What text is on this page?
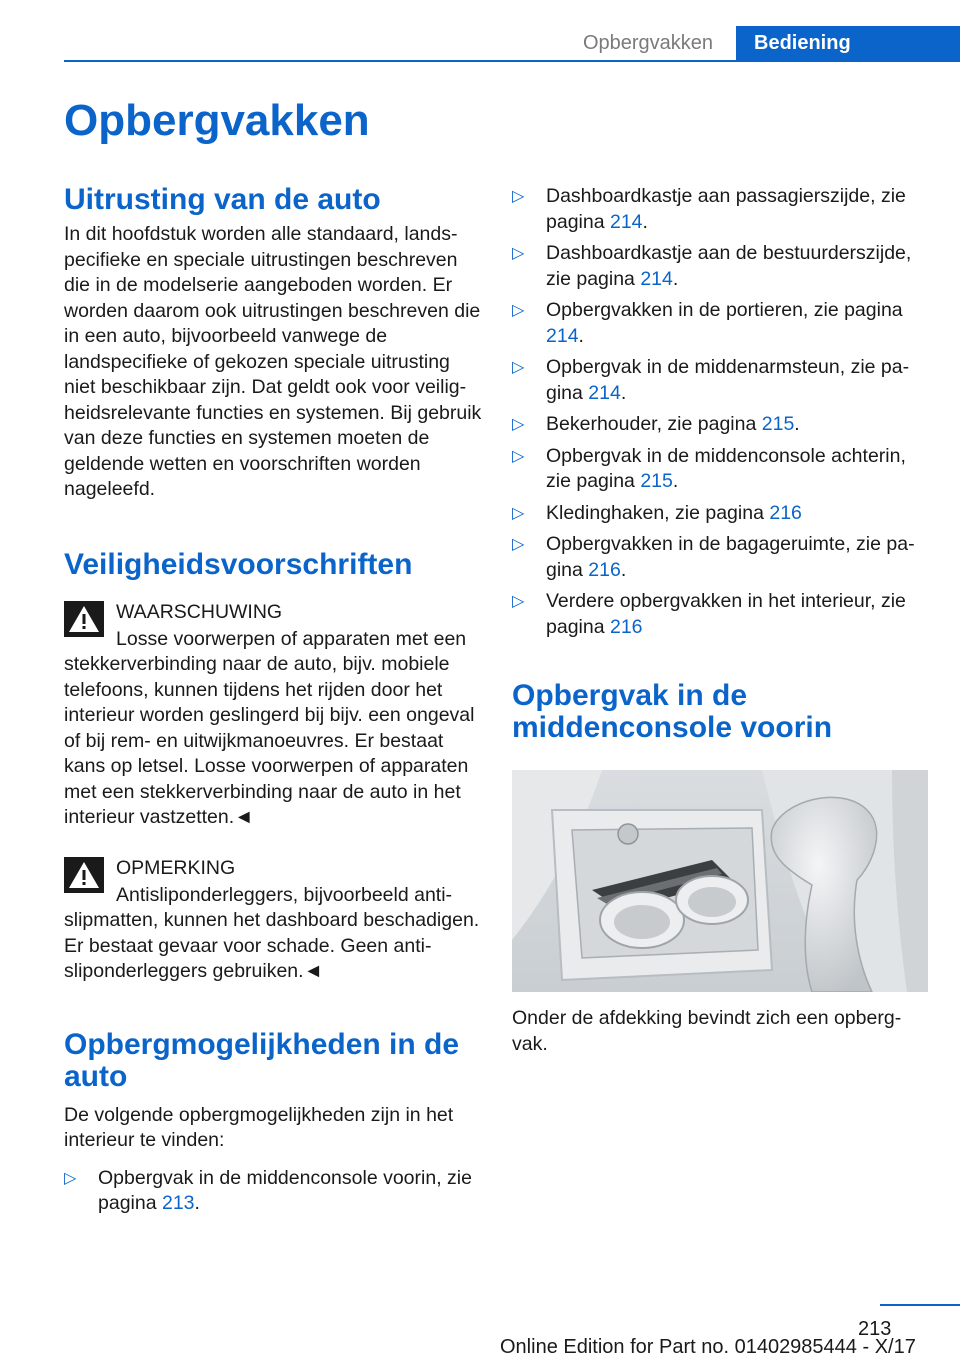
Opbergvakken	Bediening
Opbergvakken
Uitrusting van de auto

In dit hoofdstuk worden alle standaard, landspecifieke en speciale uitrustingen beschreven die in de modelserie aangeboden worden. Er worden daarom ook uitrustingen beschreven die in een auto, bijvoorbeeld vanwege de landspecifieke of gekozen speciale uitrusting niet beschikbaar zijn. Dat geldt ook voor veiligheidsrelevante functies en systemen. Bij gebruik van deze functies en systemen moeten de geldende wetten en voorschriften worden nageleefd.

Veiligheidsvoorschriften
WAARSCHUWING

Losse voorwerpen of apparaten met een stekkerverbinding naar de auto, bijv. mobiele telefoons, kunnen tijdens het rijden door het interieur worden geslingerd bij bijv. een ongeval of bij rem- en uitwijkmanoeuvres. Er bestaat kans op letsel. Losse voorwerpen of apparaten met een stekkerverbinding naar de auto in het interieur vastzetten.◄

OPMERKING

Antisliponderleggers, bijvoorbeeld antislipmatten, kunnen het dashboard beschadigen. Er bestaat gevaar voor schade. Geen antisliponderleggers gebruiken.◄

Opbergmogelijkheden in de auto

De volgende opbergmogelijkheden zijn in het interieur te vinden:

▷ Opbergvak in de middenconsole voorin, zie pagina 213.
▷ Dashboardkastje aan passagierszijde, zie pagina 214.
▷ Dashboardkastje aan de bestuurderszijde, zie pagina 214.
▷ Opbergvakken in de portieren, zie pagina 214.
▷ Opbergvak in de middenarmsteun, zie pagina 214.
▷ Bekerhouder, zie pagina 215.
▷ Opbergvak in de middenconsole achterin, zie pagina 215.
▷ Kledinghaken, zie pagina 216
▷ Opbergvakken in de bagageruimte, zie pagina 216.
▷ Verdere opbergvakken in het interieur, zie pagina 216
Opbergvak in de middenconsole voorin

Onder de afdekking bevindt zich een opbergvak.

213
Online Edition for Part no. 01402985444 - X/17
